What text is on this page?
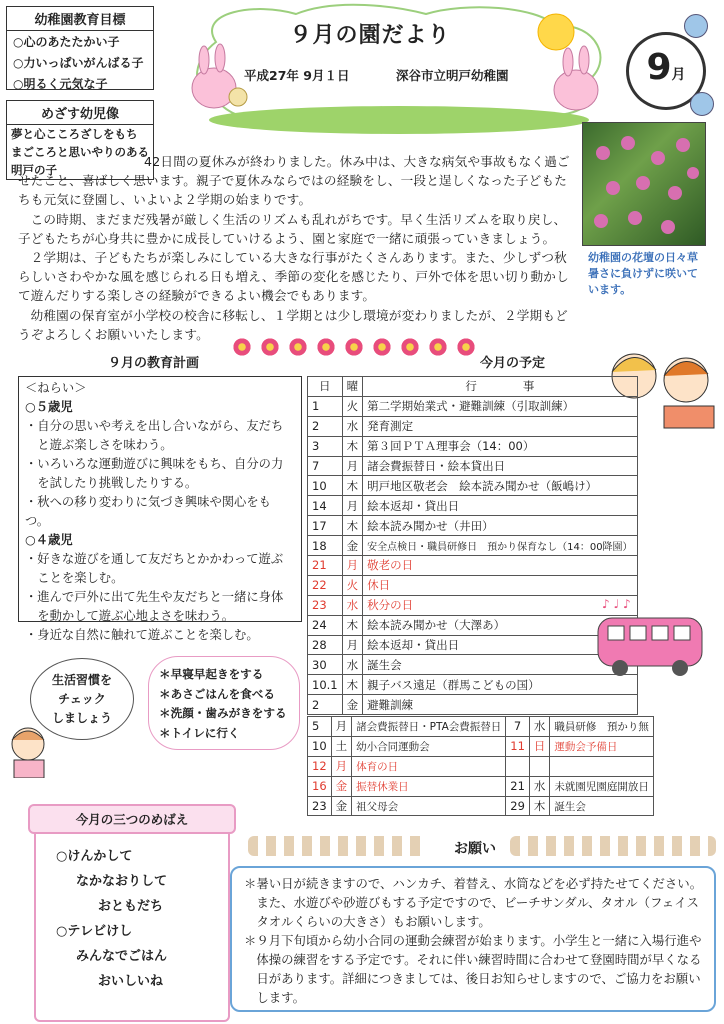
幼稚園教育目標
○心のあたたかい子
○力いっぱいがんばる子
○明るく元気な子
めざす幼児像
夢と心こころざしをもち
まごころと思いやりのある
明戸の子
９月の園だより
平成27年 9月１日	深谷市立明戸幼稚園	9月

42日間の夏休みが終わりました。休み中は、大きな病気や事故もなく過ごせたこと、喜ばしく思います。親子で夏休みならではの経験をし、一段と逞しくなった子どもたちも元気に登園し、いよいよ２学期の始まりです。

この時期、まだまだ残暑が厳しく生活のリズムも乱れがちです。早く生活リズムを取り戻し、子どもたちが心身共に豊かに成長していけるよう、園と家庭で一緒に頑張っていきましょう。

２学期は、子どもたちが楽しみにしている大きな行事がたくさんあります。また、少しずつ秋らしいさわやかな風を感じられる日も増え、季節の変化を感じたり、戸外で体を思い切り動かして遊んだりする楽しさの経験ができるよい機会でもあります。

幼稚園の保育室が小学校の校舎に移転し、１学期とは少し環境が変わりましたが、２学期もどうぞよろしくお願いいたします。

幼稚園の花壇の日々草
暑さに負けずに咲いて
います。
９月の教育計画	今月の予定
＜ねらい＞
○５歳児
・自分の思いや考えを出し合いながら、友だち
　と遊ぶ楽しさを味わう。
・いろいろな運動遊びに興味をもち、自分の力
　を試したり挑戦したりする。
・秋への移り変わりに気づき興味や関心をもつ。
○４歳児
・好きな遊びを通して友だちとかかわって遊ぶ
　ことを楽しむ。
・進んで戸外に出て先生や友だちと一緒に身体
　を動かして遊ぶ心地よさを味わう。
・身近な自然に触れて遊ぶことを楽しむ。
生活習慣を
チェック
しましょう
＊早寝早起きをする
＊あさごはんを食べる
＊洗顔・歯みがきをする
＊トイレに行く
日	曜	行　　　　事
1	火	第二学期始業式・避難訓練（引取訓練）
2	水	発育測定
3	木	第３回ＰＴＡ理事会（14：00）
7	月	諸会費振替日・絵本貸出日
10	木	明戸地区敬老会　絵本読み聞かせ（飯嶋け）
14	月	絵本返却・貸出日
17	木	絵本読み聞かせ（井田）
18	金	安全点検日・職員研修日　預かり保育なし（14：00降園）
21	月	敬老の日
22	火	休日
23	水	秋分の日
24	木	絵本読み聞かせ（大澤あ）
28	月	絵本返却・貸出日
30	水	誕生会
10.1	木	親子バス遠足（群馬こどもの国）
2	金	避難訓練
5	月	諸会費振替日・PTA会費振替日	7	水	職員研修　預かり無
10	土	幼小合同運動会	11	日	運動会予備日
12	月	体育の日			
16	金	振替休業日	21	水	未就園児園庭開放日
23	金	祖父母会	29	木	誕生会
♪ ♩ ♪
今月の三つのめばえ
○けんかして
なかなおりして
おともだち
○テレビけし
みんなでごはん
おいしいね
お願い
＊暑い日が続きますので、ハンカチ、着替え、水筒などを必ず持たせてください。また、水遊びや砂遊びもする予定ですので、ビーチサンダル、タオル（フェイスタオルくらいの大きさ）もお願いします。
＊９月下旬頃から幼小合同の運動会練習が始まります。小学生と一緒に入場行進や体操の練習をする予定です。それに伴い練習時間に合わせて登園時間が早くなる日があります。詳細につきましては、後日お知らせしますので、ご協力をお願いします。
